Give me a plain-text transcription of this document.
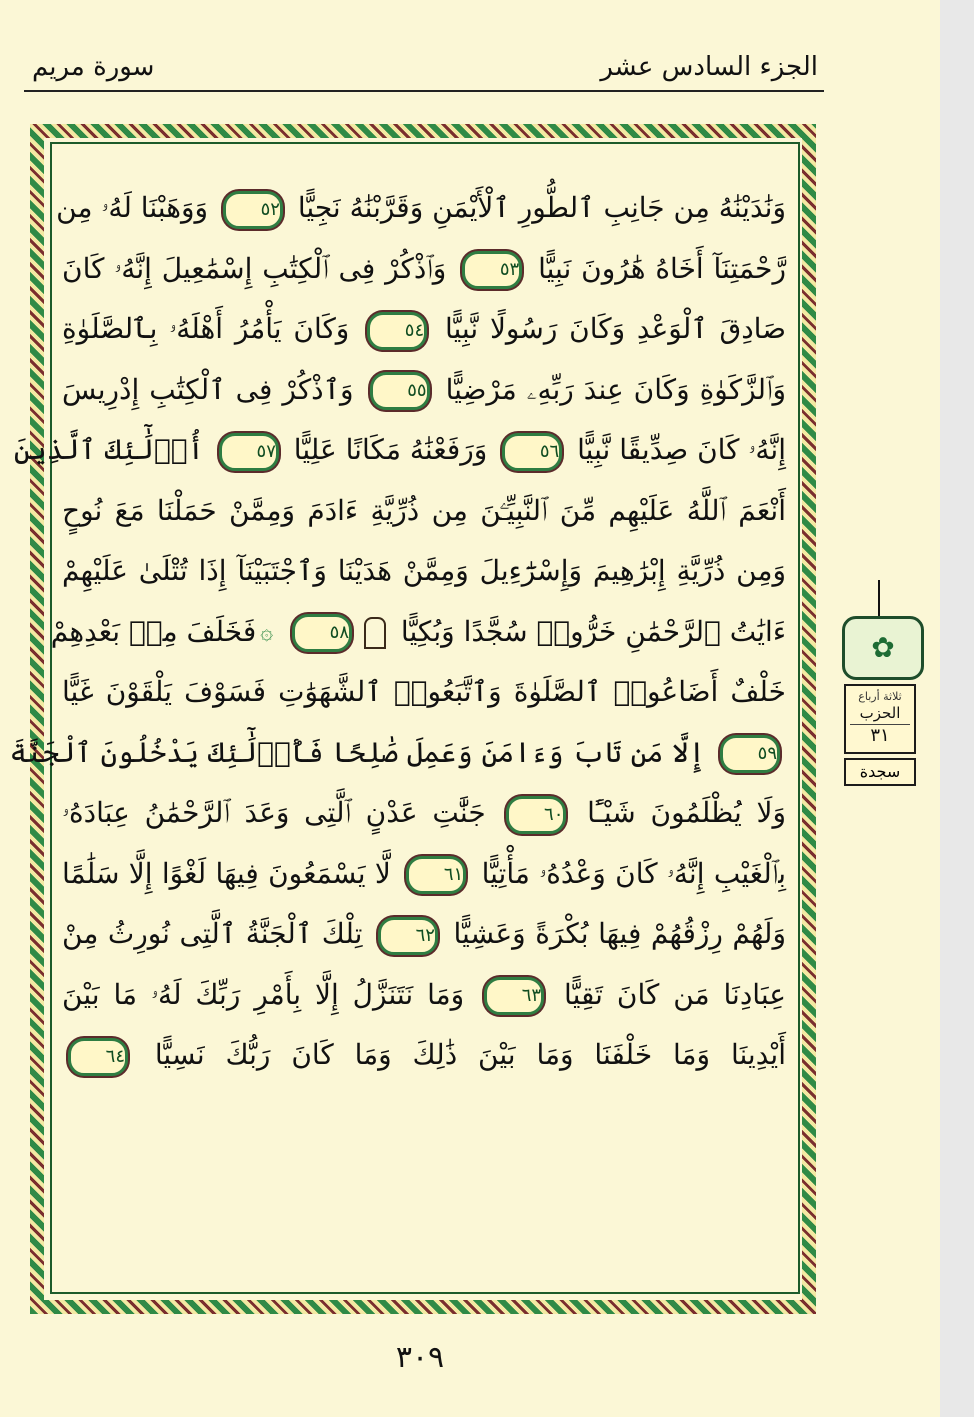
سورة مريم	الجزء السادس عشر
وَنَٰدَيْنَٰهُ مِن جَانِبِ ٱلطُّورِ ٱلْأَيْمَنِ وَقَرَّبْنَٰهُ نَجِيًّا ٥٢ وَوَهَبْنَا لَهُۥ مِن
رَّحْمَتِنَآ أَخَاهُ هَٰرُونَ نَبِيًّا ٥٣ وَٱذْكُرْ فِى ٱلْكِتَٰبِ إِسْمَٰعِيلَ إِنَّهُۥ كَانَ
صَادِقَ ٱلْوَعْدِ وَكَانَ رَسُولًا نَّبِيًّا ٥٤ وَكَانَ يَأْمُرُ أَهْلَهُۥ بِٱلصَّلَوٰةِ
وَٱلزَّكَوٰةِ وَكَانَ عِندَ رَبِّهِۦ مَرْضِيًّا ٥٥ وَٱذْكُرْ فِى ٱلْكِتَٰبِ إِدْرِيسَ
إِنَّهُۥ كَانَ صِدِّيقًا نَّبِيًّا ٥٦ وَرَفَعْنَٰهُ مَكَانًا عَلِيًّا ٥٧ أُو۟لَٰٓئِكَ ٱلَّذِينَ
أَنْعَمَ ٱللَّهُ عَلَيْهِم مِّنَ ٱلنَّبِيِّـۧنَ مِن ذُرِّيَّةِ ءَادَمَ وَمِمَّنْ حَمَلْنَا مَعَ نُوحٍ
وَمِن ذُرِّيَّةِ إِبْرَٰهِيمَ وَإِسْرَٰٓءِيلَ وَمِمَّنْ هَدَيْنَا وَٱجْتَبَيْنَآ إِذَا تُتْلَىٰ عَلَيْهِمْ
ءَايَٰتُ ٱلرَّحْمَٰنِ خَرُّوا۟ سُجَّدًا وَبُكِيًّا ٥٨ ۞فَخَلَفَ مِنۢ بَعْدِهِمْ
خَلْفٌ أَضَاعُوا۟ ٱلصَّلَوٰةَ وَٱتَّبَعُوا۟ ٱلشَّهَوَٰتِ فَسَوْفَ يَلْقَوْنَ غَيًّا
٥٩ إِلَّا مَن تَابَ وَءَامَنَ وَعَمِلَ صَٰلِحًا فَأُو۟لَٰٓئِكَ يَدْخُلُونَ ٱلْجَنَّةَ
وَلَا يُظْلَمُونَ شَيْـًٔا ٦٠ جَنَّٰتِ عَدْنٍ ٱلَّتِى وَعَدَ ٱلرَّحْمَٰنُ عِبَادَهُۥ
بِٱلْغَيْبِ إِنَّهُۥ كَانَ وَعْدُهُۥ مَأْتِيًّا ٦١ لَّا يَسْمَعُونَ فِيهَا لَغْوًا إِلَّا سَلَٰمًا
وَلَهُمْ رِزْقُهُمْ فِيهَا بُكْرَةً وَعَشِيًّا ٦٢ تِلْكَ ٱلْجَنَّةُ ٱلَّتِى نُورِثُ مِنْ
عِبَادِنَا مَن كَانَ تَقِيًّا ٦٣ وَمَا نَتَنَزَّلُ إِلَّا بِأَمْرِ رَبِّكَ لَهُۥ مَا بَيْنَ
أَيْدِينَا وَمَا خَلْفَنَا وَمَا بَيْنَ ذَٰلِكَ وَمَا كَانَ رَبُّكَ نَسِيًّا ٦٤
✿
ثلاثة أرباع
الحزب
٣١
سجدة
٣٠٩
